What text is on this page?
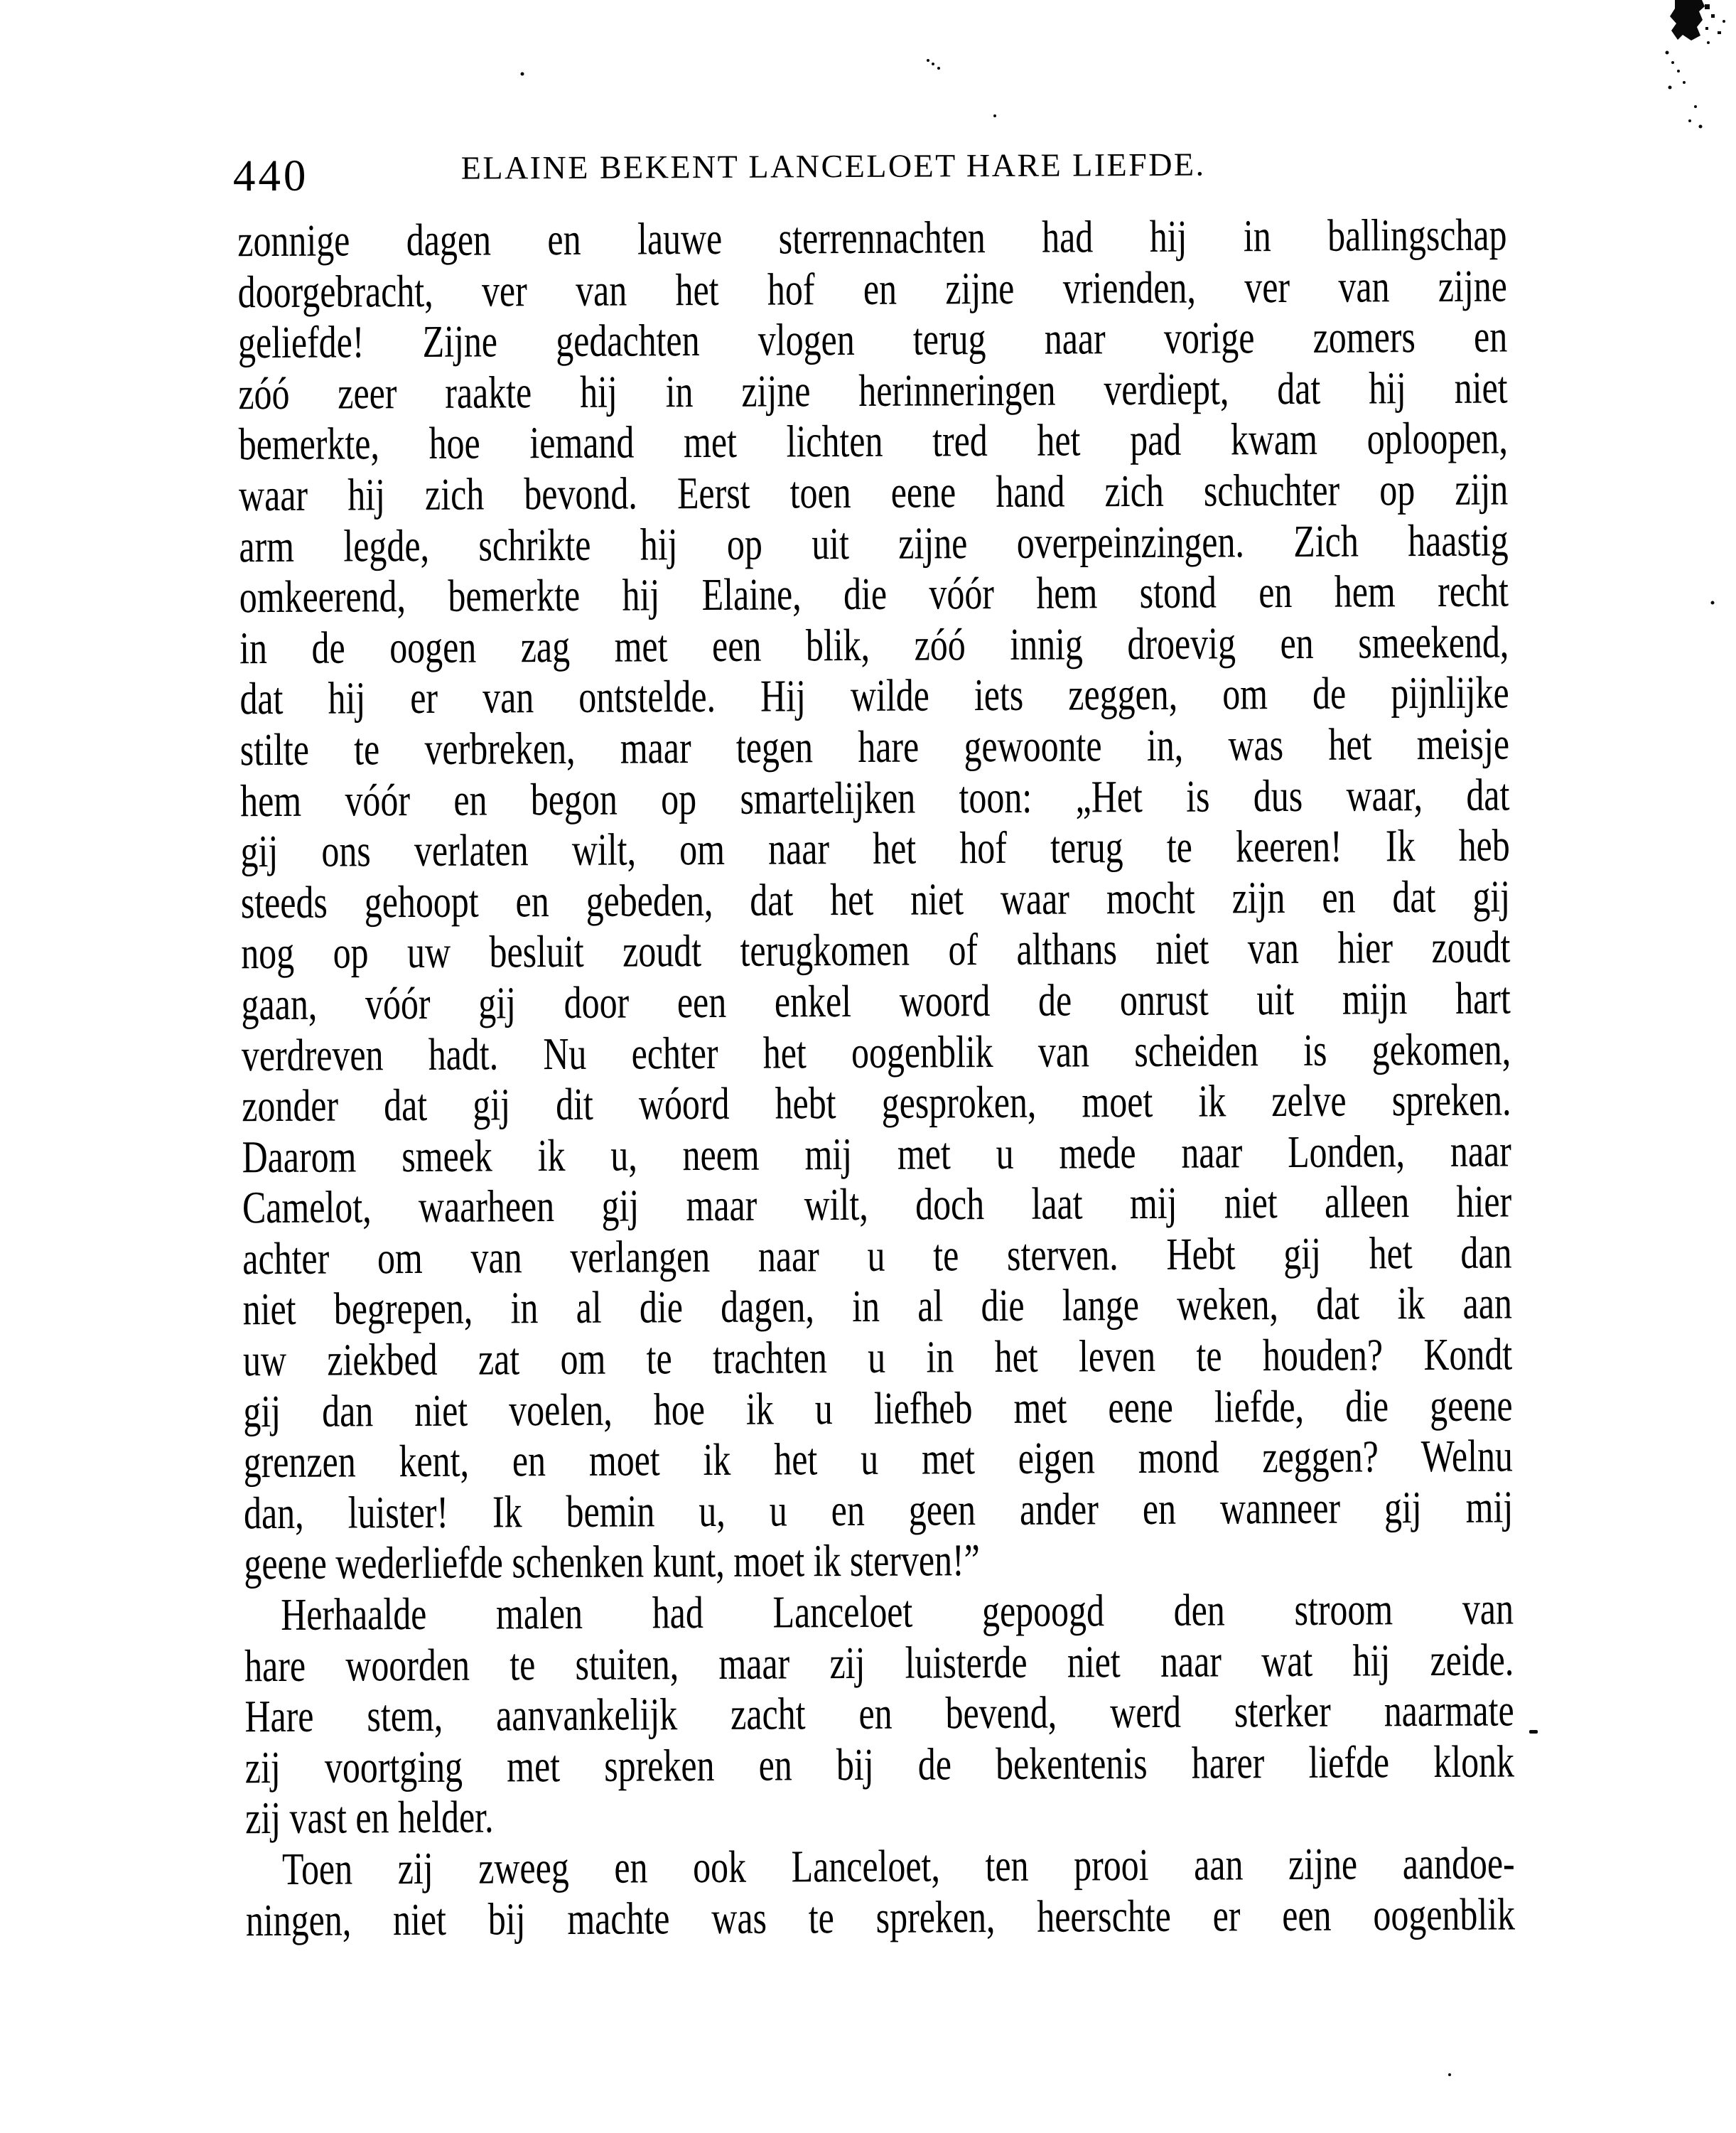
440	ELAINE BEKENT LANCELOET HARE LIEFDE.
zonnige dagen en lauwe sterrennachten had hij in ballingschap
doorgebracht, ver van het hof en zijne vrienden, ver van zijne
geliefde! Zijne gedachten vlogen terug naar vorige zomers en
zóó zeer raakte hij in zijne herinneringen verdiept, dat hij niet
bemerkte, hoe iemand met lichten tred het pad kwam oploopen,
waar hij zich bevond. Eerst toen eene hand zich schuchter op zijn
arm legde, schrikte hij op uit zijne overpeinzingen. Zich haastig
omkeerend, bemerkte hij Elaine, die vóór hem stond en hem recht
in de oogen zag met een blik, zóó innig droevig en smeekend,
dat hij er van ontstelde. Hij wilde iets zeggen, om de pijnlijke
stilte te verbreken, maar tegen hare gewoonte in, was het meisje
hem vóór en begon op smartelijken toon: „Het is dus waar, dat
gij ons verlaten wilt, om naar het hof terug te keeren! Ik heb
steeds gehoopt en gebeden, dat het niet waar mocht zijn en dat gij
nog op uw besluit zoudt terugkomen of althans niet van hier zoudt
gaan, vóór gij door een enkel woord de onrust uit mijn hart
verdreven hadt. Nu echter het oogenblik van scheiden is gekomen,
zonder dat gij dit wóord hebt gesproken, moet ik zelve spreken.
Daarom smeek ik u, neem mij met u mede naar Londen, naar
Camelot, waarheen gij maar wilt, doch laat mij niet alleen hier
achter om van verlangen naar u te sterven. Hebt gij het dan
niet begrepen, in al die dagen, in al die lange weken, dat ik aan
uw ziekbed zat om te trachten u in het leven te houden? Kondt
gij dan niet voelen, hoe ik u liefheb met eene liefde, die geene
grenzen kent, en moet ik het u met eigen mond zeggen? Welnu
dan, luister! Ik bemin u, u en geen ander en wanneer gij mij
geene wederliefde schenken kunt, moet ik sterven!”
Herhaalde malen had Lanceloet gepoogd den stroom van
hare woorden te stuiten, maar zij luisterde niet naar wat hij zeide.
Hare stem, aanvankelijk zacht en bevend, werd sterker naarmate
zij voortging met spreken en bij de bekentenis harer liefde klonk
zij vast en helder.
Toen zij zweeg en ook Lanceloet, ten prooi aan zijne aandoe-
ningen, niet bij machte was te spreken, heerschte er een oogenblik
